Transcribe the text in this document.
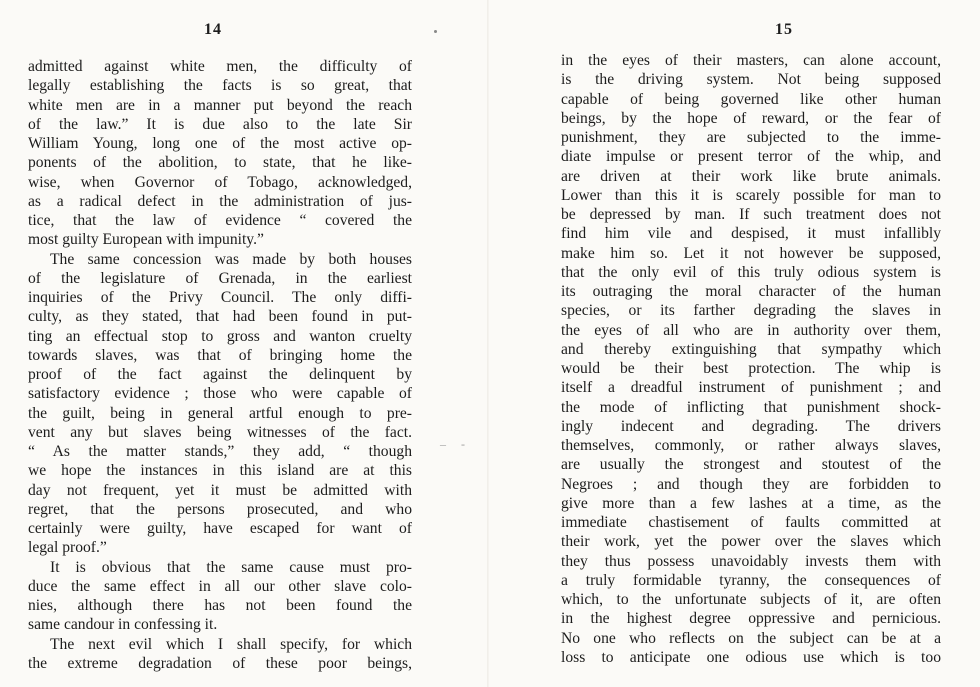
14
admitted against white men, the difficulty of
legally establishing the facts is so great, that
white men are in a manner put beyond the reach
of the law.” It is due also to the late Sir
William Young, long one of the most active op-
ponents of the abolition, to state, that he like-
wise, when Governor of Tobago, acknowledged,
as a radical defect in the administration of jus-
tice, that the law of evidence “ covered the
most guilty European with impunity.”
The same concession was made by both houses
of the legislature of Grenada, in the earliest
inquiries of the Privy Council. The only diffi-
culty, as they stated, that had been found in put-
ting an effectual stop to gross and wanton cruelty
towards slaves, was that of bringing home the
proof of the fact against the delinquent by
satisfactory evidence ; those who were capable of
the guilt, being in general artful enough to pre-
vent any but slaves being witnesses of the fact.
“ As the matter stands,” they add, “ though
we hope the instances in this island are at this
day not frequent, yet it must be admitted with
regret, that the persons prosecuted, and who
certainly were guilty, have escaped for want of
legal proof.”
It is obvious that the same cause must pro-
duce the same effect in all our other slave colo-
nies, although there has not been found the
same candour in confessing it.
The next evil which I shall specify, for which
the extreme degradation of these poor beings,
– -
15
in the eyes of their masters, can alone account,
is the driving system. Not being supposed
capable of being governed like other human
beings, by the hope of reward, or the fear of
punishment, they are subjected to the imme-
diate impulse or present terror of the whip, and
are driven at their work like brute animals.
Lower than this it is scarely possible for man to
be depressed by man. If such treatment does not
find him vile and despised, it must infallibly
make him so. Let it not however be supposed,
that the only evil of this truly odious system is
its outraging the moral character of the human
species, or its farther degrading the slaves in
the eyes of all who are in authority over them,
and thereby extinguishing that sympathy which
would be their best protection. The whip is
itself a dreadful instrument of punishment ; and
the mode of inflicting that punishment shock-
ingly indecent and degrading. The drivers
themselves, commonly, or rather always slaves,
are usually the strongest and stoutest of the
Negroes ; and though they are forbidden to
give more than a few lashes at a time, as the
immediate chastisement of faults committed at
their work, yet the power over the slaves which
they thus possess unavoidably invests them with
a truly formidable tyranny, the consequences of
which, to the unfortunate subjects of it, are often
in the highest degree oppressive and pernicious.
No one who reflects on the subject can be at a
loss to anticipate one odious use which is too
